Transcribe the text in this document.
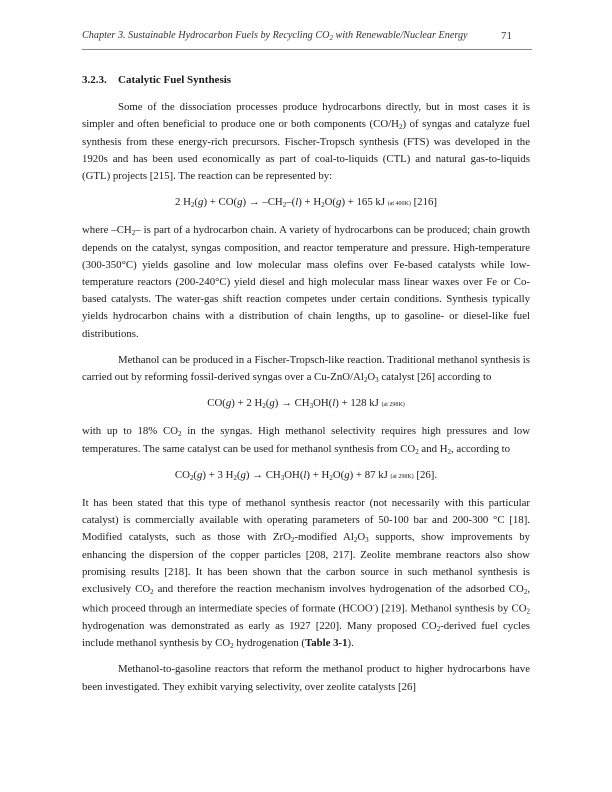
Chapter 3. Sustainable Hydrocarbon Fuels by Recycling $CO_2$ with Renewable/Nuclear Energy	71
3.2.3. Catalytic Fuel Synthesis

Some of the dissociation processes produce hydrocarbons directly, but in most cases it is simpler and often beneficial to produce one or both components $(CO/H_2)$ of syngas and catalyze fuel synthesis from these energy-rich precursors. Fischer-Tropsch synthesis (FTS) was developed in the 1920s and has been used economically as part of coal-to-liquids (CTL) and natural gas-to-liquids (GTL) projects [215]. The reaction can be represented by:

2 $H_2(g) + CO(g) \to -CH_2-(l) + H_2O(g) + 165$ kJ (at 400K) [216]

where $-CH_2-$ is part of a hydrocarbon chain. A variety of hydrocarbons can be produced; chain growth depends on the catalyst, syngas composition, and reactor temperature and pressure. High-temperature (300-350°C) yields gasoline and low molecular mass olefins over Fe-based catalysts while low-temperature reactors (200-240°C) yield diesel and high molecular mass linear waxes over Fe or Co-based catalysts. The water-gas shift reaction competes under certain conditions. Synthesis typically yields hydrocarbon chains with a distribution of chain lengths, up to gasoline- or diesel-like fuel distributions.

Methanol can be produced in a Fischer-Tropsch-like reaction. Traditional methanol synthesis is carried out by reforming fossil-derived syngas over a $Cu-ZnO/Al_2O_3$ catalyst [26] according to

CO(g) + 2 $H_2(g) \to CH_3OH(l) + 128$ kJ (at 298K)

with up to 18% $CO_2$ in the syngas. High methanol selectivity requires high pressures and low temperatures. The same catalyst can be used for methanol synthesis from $CO_2$ and $H_2$, according to

$CO_2(g) + 3$ $H_2(g) \to CH_3OH(l) + H_2O(g) + 87$ kJ (at 298K) [26].

It has been stated that this type of methanol synthesis reactor (not necessarily with this particular catalyst) is commercially available with operating parameters of 50-100 bar and 200-300 °C [18]. Modified catalysts, such as those with ZrO$_2$-modified $Al_2O_3$ supports, show improvements by enhancing the dispersion of the copper particles [208, 217]. Zeolite membrane reactors also show promising results [218]. It has been shown that the carbon source in such methanol synthesis is exclusively $CO_2$ and therefore the reaction mechanism involves hydrogenation of the adsorbed $CO_2$, which proceed through an intermediate species of formate (HCOO-) [219]. Methanol synthesis by $CO_2$ hydrogenation was demonstrated as early as 1927 [220]. Many proposed $CO_2$-derived fuel cycles include methanol synthesis by $CO_2$ hydrogenation (Table 3-1).

Methanol-to-gasoline reactors that reform the methanol product to higher hydrocarbons have been investigated. They exhibit varying selectivity, over zeolite catalysts [26]
